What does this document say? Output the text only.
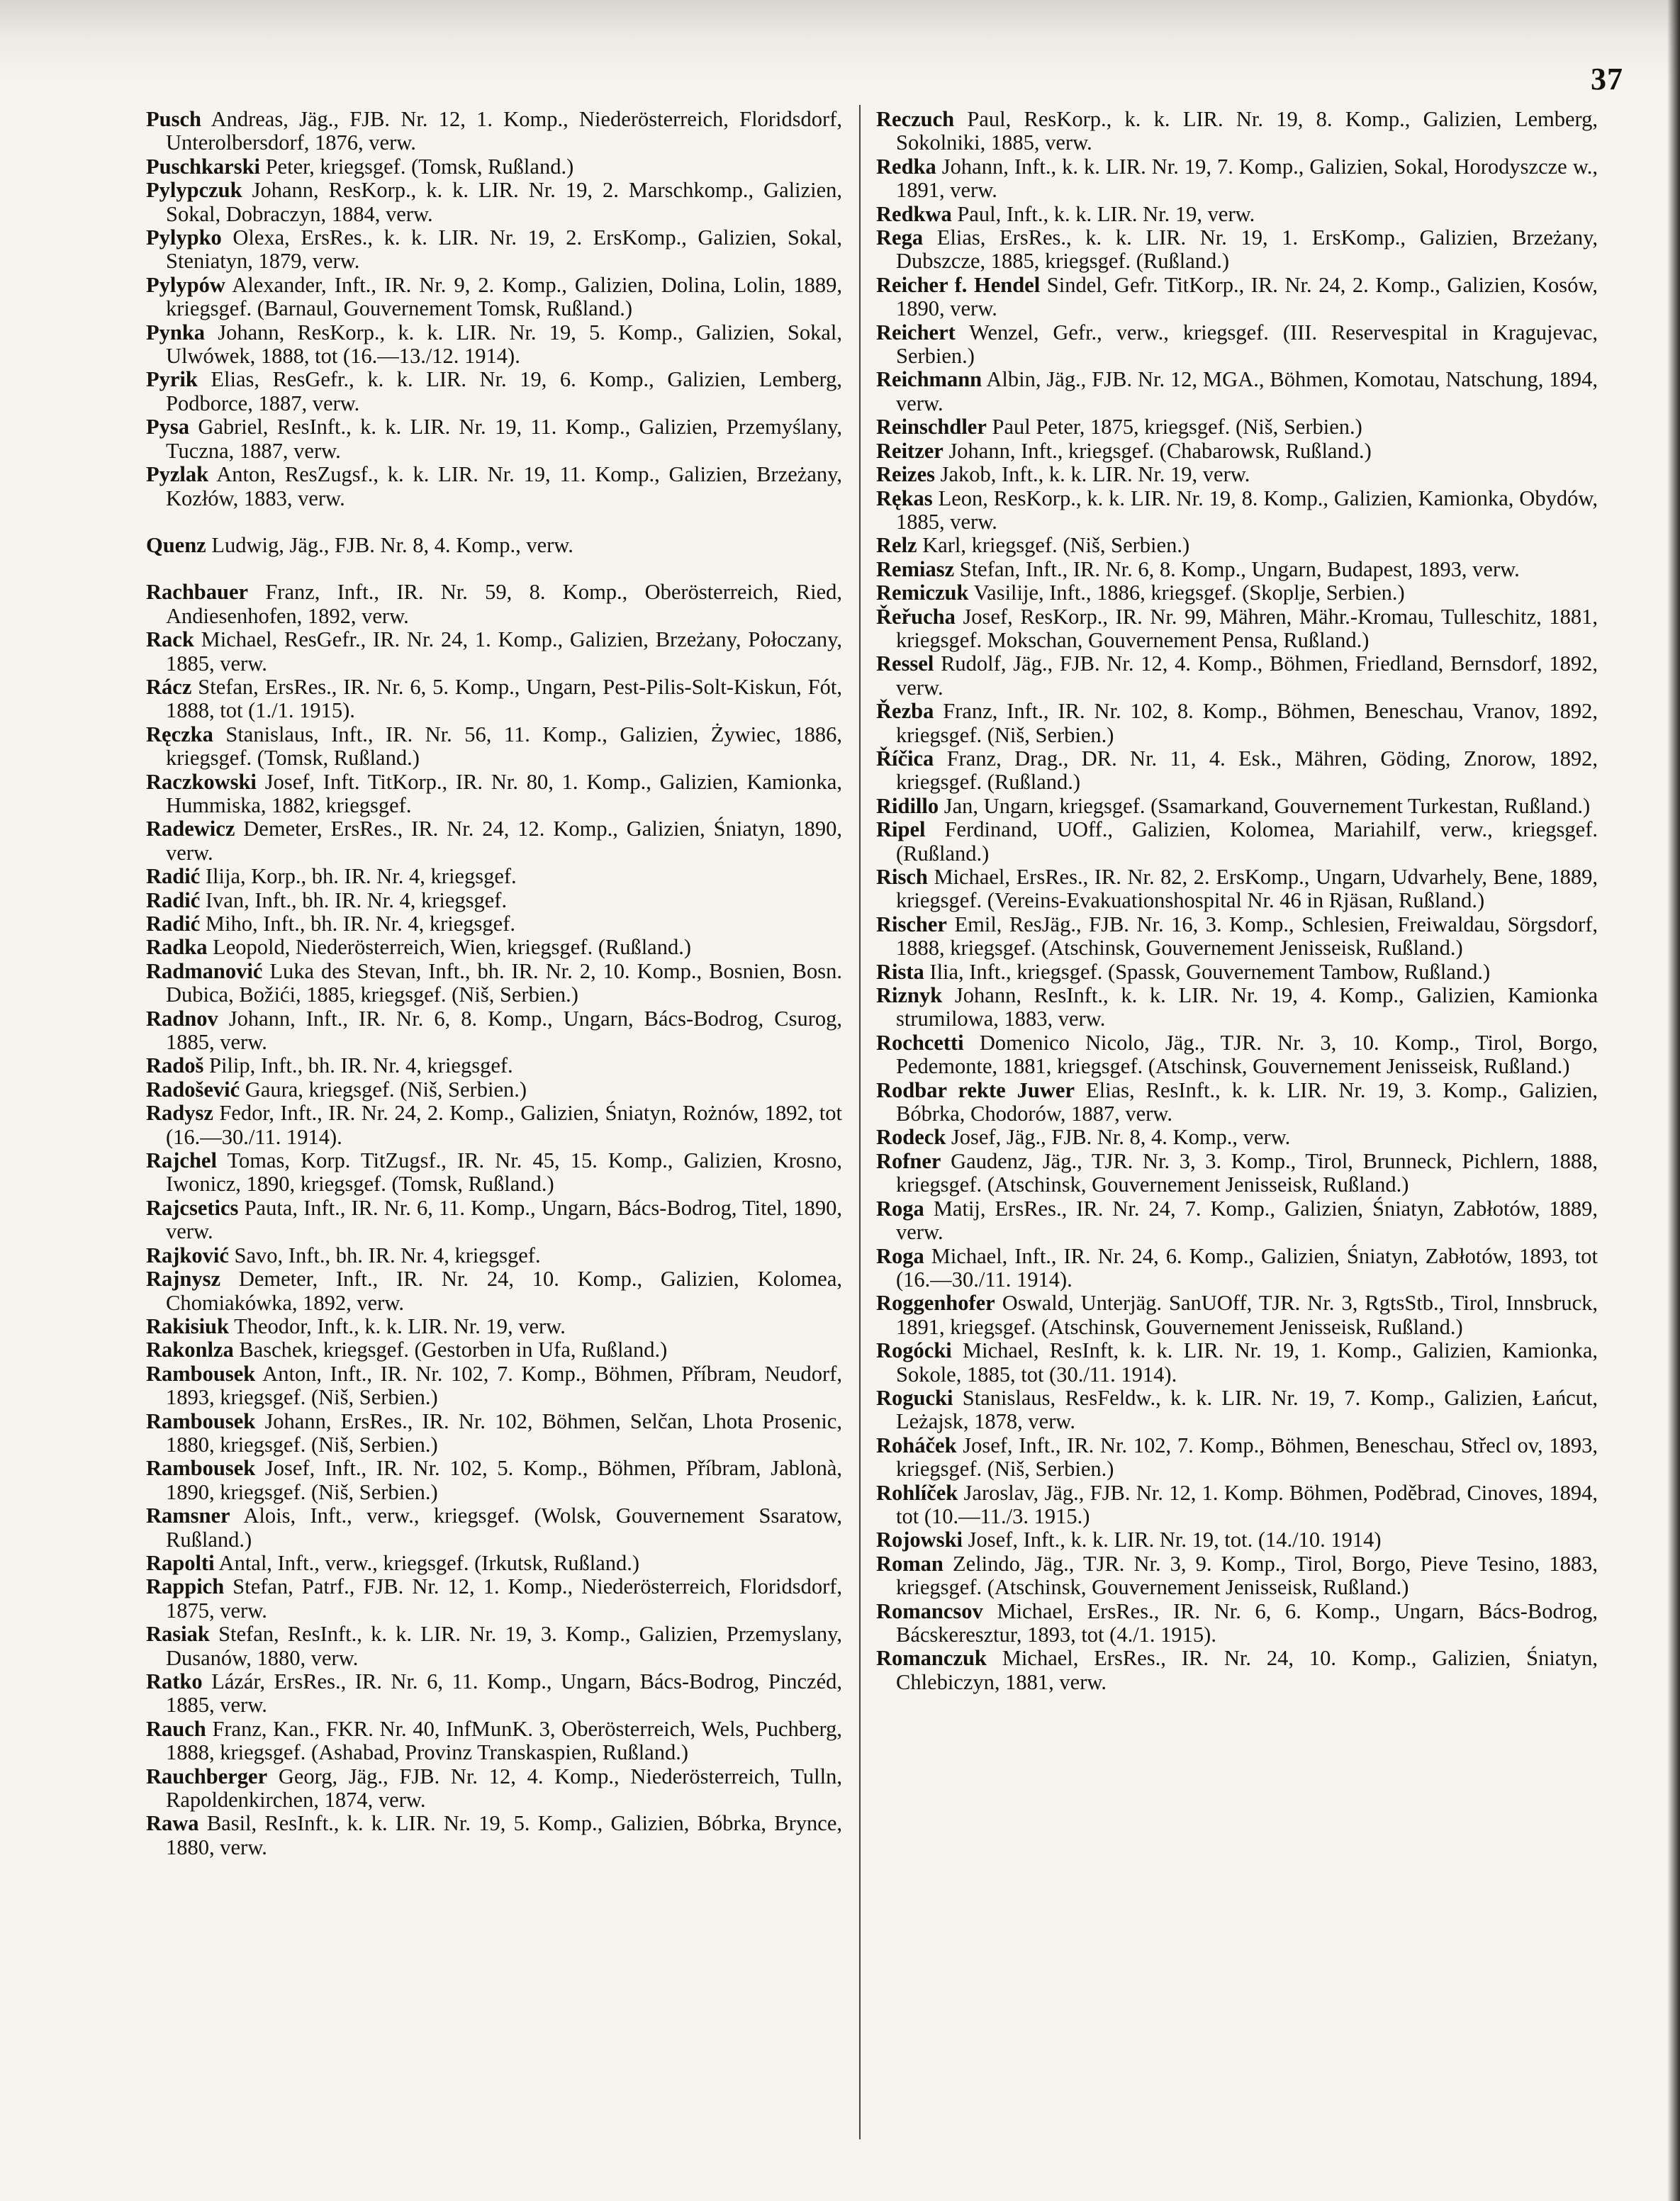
37

Pusch Andreas, Jäg., FJB. Nr. 12, 1. Komp., Niederösterreich, Floridsdorf, Unterolbersdorf, 1876, verw.

Puschkarski Peter, kriegsgef. (Tomsk, Rußland.)

Pylypczuk Johann, ResKorp., k. k. LIR. Nr. 19, 2. Marschkomp., Galizien, Sokal, Dobraczyn, 1884, verw.

Pylypko Olexa, ErsRes., k. k. LIR. Nr. 19, 2. ErsKomp., Galizien, Sokal, Steniatyn, 1879, verw.

Pylypów Alexander, Inft., IR. Nr. 9, 2. Komp., Galizien, Dolina, Lolin, 1889, kriegsgef. (Barnaul, Gouvernement Tomsk, Rußland.)

Pynka Johann, ResKorp., k. k. LIR. Nr. 19, 5. Komp., Galizien, Sokal, Ulwówek, 1888, tot (16.—13./12. 1914).

Pyrik Elias, ResGefr., k. k. LIR. Nr. 19, 6. Komp., Galizien, Lemberg, Podborce, 1887, verw.

Pysa Gabriel, ResInft., k. k. LIR. Nr. 19, 11. Komp., Galizien, Przemyślany, Tuczna, 1887, verw.

Pyzlak Anton, ResZugsf., k. k. LIR. Nr. 19, 11. Komp., Galizien, Brzeżany, Kozłów, 1883, verw.

Quenz Ludwig, Jäg., FJB. Nr. 8, 4. Komp., verw.

Rachbauer Franz, Inft., IR. Nr. 59, 8. Komp., Oberösterreich, Ried, Andiesenhofen, 1892, verw.

Rack Michael, ResGefr., IR. Nr. 24, 1. Komp., Galizien, Brzeżany, Połoczany, 1885, verw.

Rácz Stefan, ErsRes., IR. Nr. 6, 5. Komp., Ungarn, Pest-Pilis-Solt-Kiskun, Fót, 1888, tot (1./1. 1915).

Ręczka Stanislaus, Inft., IR. Nr. 56, 11. Komp., Galizien, Żywiec, 1886, kriegsgef. (Tomsk, Rußland.)

Raczkowski Josef, Inft. TitKorp., IR. Nr. 80, 1. Komp., Galizien, Kamionka, Hummiska, 1882, kriegsgef.

Radewicz Demeter, ErsRes., IR. Nr. 24, 12. Komp., Galizien, Śniatyn, 1890, verw.

Radić Ilija, Korp., bh. IR. Nr. 4, kriegsgef.

Radić Ivan, Inft., bh. IR. Nr. 4, kriegsgef.

Radić Miho, Inft., bh. IR. Nr. 4, kriegsgef.

Radka Leopold, Niederösterreich, Wien, kriegsgef. (Rußland.)

Radmanović Luka des Stevan, Inft., bh. IR. Nr. 2, 10. Komp., Bosnien, Bosn. Dubica, Božići, 1885, kriegsgef. (Niš, Serbien.)

Radnov Johann, Inft., IR. Nr. 6, 8. Komp., Ungarn, Bács-Bodrog, Csurog, 1885, verw.

Radoš Pilip, Inft., bh. IR. Nr. 4, kriegsgef.

Radošević Gaura, kriegsgef. (Niš, Serbien.)

Radysz Fedor, Inft., IR. Nr. 24, 2. Komp., Galizien, Śniatyn, Rożnów, 1892, tot (16.—30./11. 1914).

Rajchel Tomas, Korp. TitZugsf., IR. Nr. 45, 15. Komp., Galizien, Krosno, Iwonicz, 1890, kriegsgef. (Tomsk, Rußland.)

Rajcsetics Pauta, Inft., IR. Nr. 6, 11. Komp., Ungarn, Bács-Bodrog, Titel, 1890, verw.

Rajković Savo, Inft., bh. IR. Nr. 4, kriegsgef.

Rajnysz Demeter, Inft., IR. Nr. 24, 10. Komp., Galizien, Kolomea, Chomiakówka, 1892, verw.

Rakisiuk Theodor, Inft., k. k. LIR. Nr. 19, verw.

Rakonlza Baschek, kriegsgef. (Gestorben in Ufa, Rußland.)

Rambousek Anton, Inft., IR. Nr. 102, 7. Komp., Böhmen, Příbram, Neudorf, 1893, kriegsgef. (Niš, Serbien.)

Rambousek Johann, ErsRes., IR. Nr. 102, Böhmen, Selčan, Lhota Prosenic, 1880, kriegsgef. (Niš, Serbien.)

Rambousek Josef, Inft., IR. Nr. 102, 5. Komp., Böhmen, Příbram, Jablonà, 1890, kriegsgef. (Niš, Serbien.)

Ramsner Alois, Inft., verw., kriegsgef. (Wolsk, Gouvernement Ssaratow, Rußland.)

Rapolti Antal, Inft., verw., kriegsgef. (Irkutsk, Rußland.)

Rappich Stefan, Patrf., FJB. Nr. 12, 1. Komp., Niederösterreich, Floridsdorf, 1875, verw.

Rasiak Stefan, ResInft., k. k. LIR. Nr. 19, 3. Komp., Galizien, Przemyslany, Dusanów, 1880, verw.

Ratko Lázár, ErsRes., IR. Nr. 6, 11. Komp., Ungarn, Bács-Bodrog, Pinczéd, 1885, verw.

Rauch Franz, Kan., FKR. Nr. 40, InfMunK. 3, Oberösterreich, Wels, Puchberg, 1888, kriegsgef. (Ashabad, Provinz Transkaspien, Rußland.)

Rauchberger Georg, Jäg., FJB. Nr. 12, 4. Komp., Niederösterreich, Tulln, Rapoldenkirchen, 1874, verw.

Rawa Basil, ResInft., k. k. LIR. Nr. 19, 5. Komp., Galizien, Bóbrka, Brynce, 1880, verw.

Reczuch Paul, ResKorp., k. k. LIR. Nr. 19, 8. Komp., Galizien, Lemberg, Sokolniki, 1885, verw.

Redka Johann, Inft., k. k. LIR. Nr. 19, 7. Komp., Galizien, Sokal, Horodyszcze w., 1891, verw.

Redkwa Paul, Inft., k. k. LIR. Nr. 19, verw.

Rega Elias, ErsRes., k. k. LIR. Nr. 19, 1. ErsKomp., Galizien, Brzeżany, Dubszcze, 1885, kriegsgef. (Rußland.)

Reicher f. Hendel Sindel, Gefr. TitKorp., IR. Nr. 24, 2. Komp., Galizien, Kosów, 1890, verw.

Reichert Wenzel, Gefr., verw., kriegsgef. (III. Reservespital in Kragujevac, Serbien.)

Reichmann Albin, Jäg., FJB. Nr. 12, MGA., Böhmen, Komotau, Natschung, 1894, verw.

Reinschdler Paul Peter, 1875, kriegsgef. (Niš, Serbien.)

Reitzer Johann, Inft., kriegsgef. (Chabarowsk, Rußland.)

Reizes Jakob, Inft., k. k. LIR. Nr. 19, verw.

Rękas Leon, ResKorp., k. k. LIR. Nr. 19, 8. Komp., Galizien, Kamionka, Obydów, 1885, verw.

Relz Karl, kriegsgef. (Niš, Serbien.)

Remiasz Stefan, Inft., IR. Nr. 6, 8. Komp., Ungarn, Budapest, 1893, verw.

Remiczuk Vasilije, Inft., 1886, kriegsgef. (Skoplje, Serbien.)

Řeřucha Josef, ResKorp., IR. Nr. 99, Mähren, Mähr.-Kromau, Tulleschitz, 1881, kriegsgef. Mokschan, Gouvernement Pensa, Rußland.)

Ressel Rudolf, Jäg., FJB. Nr. 12, 4. Komp., Böhmen, Friedland, Bernsdorf, 1892, verw.

Řezba Franz, Inft., IR. Nr. 102, 8. Komp., Böhmen, Beneschau, Vranov, 1892, kriegsgef. (Niš, Serbien.)

Říčica Franz, Drag., DR. Nr. 11, 4. Esk., Mähren, Göding, Znorow, 1892, kriegsgef. (Rußland.)

Ridillo Jan, Ungarn, kriegsgef. (Ssamarkand, Gouvernement Turkestan, Rußland.)

Ripel Ferdinand, UOff., Galizien, Kolomea, Mariahilf, verw., kriegsgef. (Rußland.)

Risch Michael, ErsRes., IR. Nr. 82, 2. ErsKomp., Ungarn, Udvarhely, Bene, 1889, kriegsgef. (Vereins-Evakuationshospital Nr. 46 in Rjäsan, Rußland.)

Rischer Emil, ResJäg., FJB. Nr. 16, 3. Komp., Schlesien, Freiwaldau, Sörgsdorf, 1888, kriegsgef. (Atschinsk, Gouvernement Jenisseisk, Rußland.)

Rista Ilia, Inft., kriegsgef. (Spassk, Gouvernement Tambow, Rußland.)

Riznyk Johann, ResInft., k. k. LIR. Nr. 19, 4. Komp., Galizien, Kamionka strumilowa, 1883, verw.

Rochcetti Domenico Nicolo, Jäg., TJR. Nr. 3, 10. Komp., Tirol, Borgo, Pedemonte, 1881, kriegsgef. (Atschinsk, Gouvernement Jenisseisk, Rußland.)

Rodbar rekte Juwer Elias, ResInft., k. k. LIR. Nr. 19, 3. Komp., Galizien, Bóbrka, Chodorów, 1887, verw.

Rodeck Josef, Jäg., FJB. Nr. 8, 4. Komp., verw.

Rofner Gaudenz, Jäg., TJR. Nr. 3, 3. Komp., Tirol, Brunneck, Pichlern, 1888, kriegsgef. (Atschinsk, Gouvernement Jenisseisk, Rußland.)

Roga Matij, ErsRes., IR. Nr. 24, 7. Komp., Galizien, Śniatyn, Zabłotów, 1889, verw.

Roga Michael, Inft., IR. Nr. 24, 6. Komp., Galizien, Śniatyn, Zabłotów, 1893, tot (16.—30./11. 1914).

Roggenhofer Oswald, Unterjäg. SanUOff, TJR. Nr. 3, RgtsStb., Tirol, Innsbruck, 1891, kriegsgef. (Atschinsk, Gouvernement Jenisseisk, Rußland.)

Rogócki Michael, ResInft, k. k. LIR. Nr. 19, 1. Komp., Galizien, Kamionka, Sokole, 1885, tot (30./11. 1914).

Rogucki Stanislaus, ResFeldw., k. k. LIR. Nr. 19, 7. Komp., Galizien, Łańcut, Leżajsk, 1878, verw.

Roháček Josef, Inft., IR. Nr. 102, 7. Komp., Böhmen, Beneschau, Střecl ov, 1893, kriegsgef. (Niš, Serbien.)

Rohlíček Jaroslav, Jäg., FJB. Nr. 12, 1. Komp. Böhmen, Poděbrad, Cinoves, 1894, tot (10.—11./3. 1915.)

Rojowski Josef, Inft., k. k. LIR. Nr. 19, tot. (14./10. 1914)

Roman Zelindo, Jäg., TJR. Nr. 3, 9. Komp., Tirol, Borgo, Pieve Tesino, 1883, kriegsgef. (Atschinsk, Gouvernement Jenisseisk, Rußland.)

Romancsov Michael, ErsRes., IR. Nr. 6, 6. Komp., Ungarn, Bács-Bodrog, Bácskeresztur, 1893, tot (4./1. 1915).

Romanczuk Michael, ErsRes., IR. Nr. 24, 10. Komp., Galizien, Śniatyn, Chlebiczyn, 1881, verw.
